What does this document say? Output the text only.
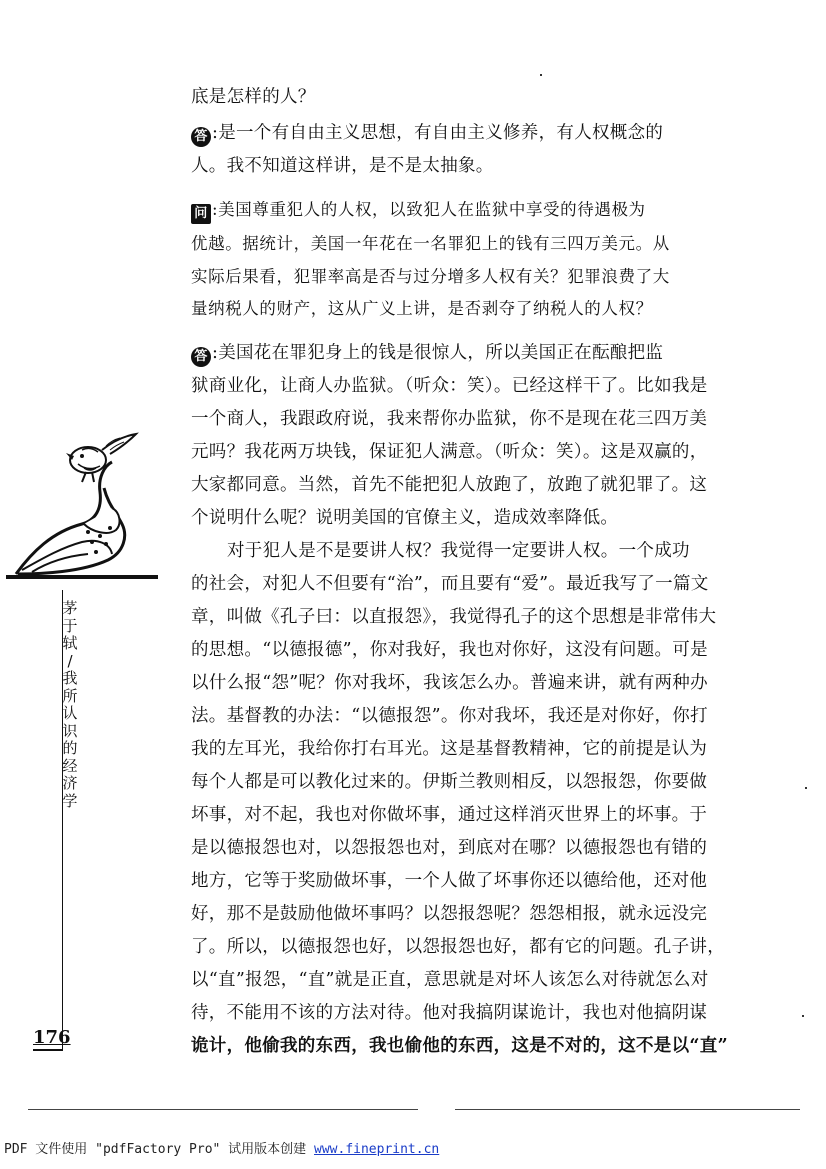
底是怎样的人？
答 :是一个有自由主义思想，有自由主义修养，有人权概念的
人。我不知道这样讲，是不是太抽象。
问 :美国尊重犯人的人权，以致犯人在监狱中享受的待遇极为
优越。据统计，美国一年花在一名罪犯上的钱有三四万美元。从
实际后果看，犯罪率高是否与过分增多人权有关？犯罪浪费了大
量纳税人的财产，这从广义上讲，是否剥夺了纳税人的人权？
答 :美国花在罪犯身上的钱是很惊人，所以美国正在酝酿把监
狱商业化，让商人办监狱。（听众：笑）。已经这样干了。比如我是
一个商人，我跟政府说，我来帮你办监狱，你不是现在花三四万美
元吗？我花两万块钱，保证犯人满意。（听众：笑）。这是双赢的，
大家都同意。当然，首先不能把犯人放跑了，放跑了就犯罪了。这
个说明什么呢？说明美国的官僚主义，造成效率降低。
对于犯人是不是要讲人权？我觉得一定要讲人权。一个成功
的社会，对犯人不但要有“治”，而且要有“爱”。最近我写了一篇文
章，叫做《孔子曰：以直报怨》，我觉得孔子的这个思想是非常伟大
的思想。“以德报德”，你对我好，我也对你好，这没有问题。可是
以什么报“怨”呢？你对我坏，我该怎么办。普遍来讲，就有两种办
法。基督教的办法：“以德报怨”。你对我坏，我还是对你好，你打
我的左耳光，我给你打右耳光。这是基督教精神，它的前提是认为
每个人都是可以教化过来的。伊斯兰教则相反，以怨报怨，你要做
坏事，对不起，我也对你做坏事，通过这样消灭世界上的坏事。于
是以德报怨也对，以怨报怨也对，到底对在哪？以德报怨也有错的
地方，它等于奖励做坏事，一个人做了坏事你还以德给他，还对他
好，那不是鼓励他做坏事吗？以怨报怨呢？怨怨相报，就永远没完
了。所以，以德报怨也好，以怨报怨也好，都有它的问题。孔子讲，
以“直”报怨，“直”就是正直，意思就是对坏人该怎么对待就怎么对
待，不能用不该的方法对待。他对我搞阴谋诡计，我也对他搞阴谋
诡计，他偷我的东西，我也偷他的东西，这是不对的，这不是以“直”
茅
于
轼
/
我
所
认
识
的
经
济
学
176
PDF 文件使用 "pdfFactory Pro" 试用版本创建 www.fineprint.cn
